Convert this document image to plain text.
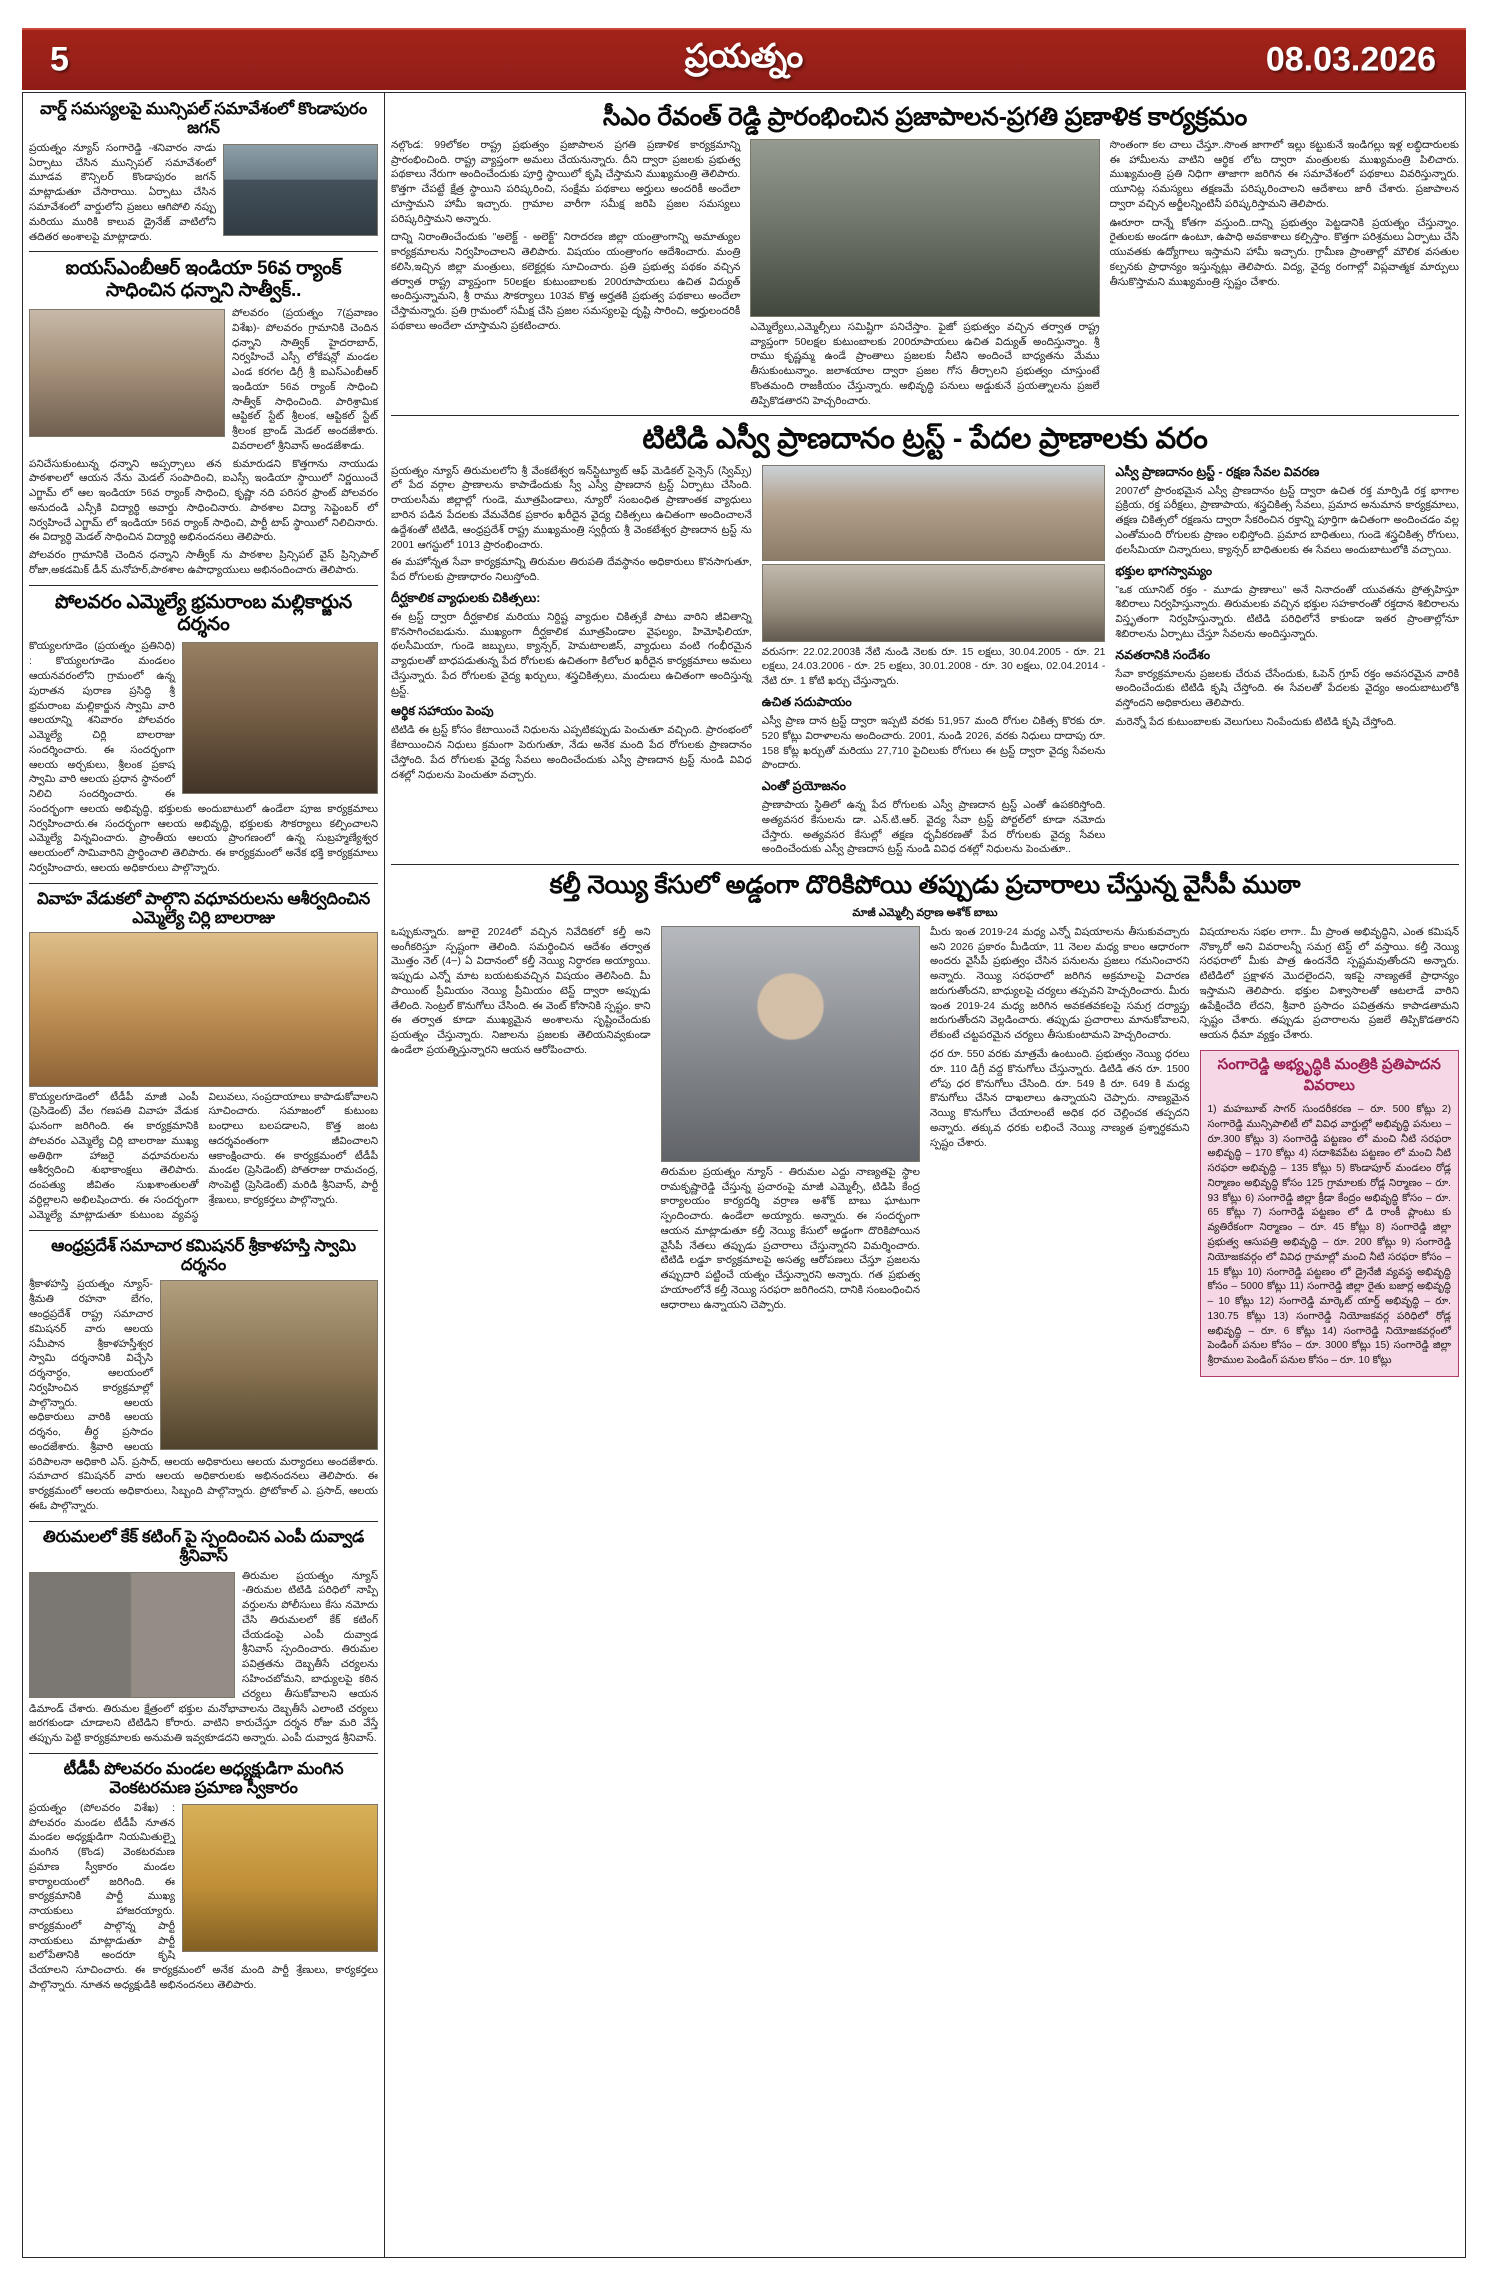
5	ప్రయత్నం	08.03.2026
వార్డ్ సమస్యలపై మున్సిపల్ సమావేశంలో కొండాపురం జగన్
ప్రయత్నం న్యూస్ సంగారెడ్డి -శనివారం నాడు ఏర్పాటు చేసిన మున్సిపల్ సమావేశంలో మూడవ కౌన్సిలర్ కొండాపురం జగన్ మాట్లాడుతూ చేసారాయి. ఏర్పాటు చేసిన సమావేశంలో వార్డులోని ప్రజలు ఆగిపోలి నప్పు మరియు మురికి కాలువ డ్రైనేజ్ వాటిలోని తదితర అంశాలపై మాట్లాడారు.
ఐయస్ఎంబీఆర్ ఇండియా 56వ ర్యాంక్ సాధించిన ధన్నాని సాత్వీక్..
పోలవరం (ప్రయత్నం 7(ప్రవాణం విశేఖ)- పోలవరం గ్రామానికి చెందిన ధన్నాని సాత్విక్ హైదరాబాద్, నిర్వహించే ఎస్సీ లోకేషన్లో మండల ఎండ కరగల డిగ్రీ శ్రీ ఐఎస్ఎంబీఆర్ ఇండియా 56వ ర్యాంక్ సాధించి సాత్వీక్ సాధించింది. పారిశ్రామిక ఆప్టికల్ స్టేట్ శ్రీలంక, ఆప్టికల్ స్టేట్ శ్రీలంక బ్రాండ్ మెడల్ అందజేశారు. వివరాలలో శ్రీనివాస్ అండజేశాడు.
పనిచేసుకుంటున్న ధన్నాని అప్పర్సాలు తన కుమారుడని కొత్తగాను నాయుడు పాఠశాలలో ఆయన నేను మెడల్ సంపాదించి, ఐఎస్సీ ఇండియా స్థాయిలో నిర్ణయించే ఎగ్జామ్ లో ఆల ఇండియా 56వ ర్యాంక్ సాధించి, కృష్ణా నది పరిసర ఫ్రాంట్ పోలవరం అనుదండి ఎన్సీకి విద్యార్థి అవార్డు సాధించినారు. పాఠశాల విద్యా సెప్టెంబర్ లో నిర్వహించే ఎగ్జామ్ లో ఇండియా 56వ ర్యాంక్ సాధించి, పార్టీ టాప్ స్థాయిలో నిలిచినారు. ఈ విద్యార్థి మెడల్ సాధించిన విద్యార్థి అభినందనలు తెలిపారు.
పోలవరం గ్రామానికి చెందిన ధన్నాని సాత్వీక్ ను పాఠశాల ప్రిన్సిపల్ వైస్ ప్రిన్సిపాల్ రోజా,అకడమిక్ డీన్ మనోహర్,పాఠశాల ఉపాధ్యాయులు అభినందించారు తెలిపారు.
పోలవరం ఎమ్మెల్యే భ్రమరాంబ మల్లికార్జున దర్శనం
కొయ్యలగూడెం (ప్రయత్నం ప్రతినిధి) : కొయ్యలగూడెం మండలం ఆయనవరంలోని గ్రామంలో ఉన్న పురాతన పురాణ ప్రసిద్ధి శ్రీ భ్రమరాంబ మల్లికార్జున స్వామి వారి ఆలయాన్ని శనివారం పోలవరం ఎమ్మెల్యే చిర్లి బాలరాజు సందర్శించారు. ఈ సందర్భంగా ఆలయ అర్చకులు, శ్రీలంక ప్రకాష స్వామి వారి ఆలయ ప్రధాన స్థానంలో నిలిచి సందర్శించారు. ఈ సందర్భంగా ఆలయ అభివృద్ధి, భక్తులకు అందుబాటులో ఉండేలా పూజ కార్యక్రమాలు నిర్వహించారు.ఈ సందర్భంగా ఆలయ అభివృద్ధి, భక్తులకు సౌకర్యాలు కల్పించాలని ఎమ్మెల్యే విన్నవించారు. ప్రాంతీయ ఆలయ ప్రాంగణంలో ఉన్న సుబ్రహ్మణ్యేశ్వర ఆలయంలో సామివారిని ప్రార్థించాలి తెలిపారు. ఈ కార్యక్రమంలో అనేక భక్తి కార్యక్రమాలు నిర్వహించారు, ఆలయ అధికారులు పాల్గొన్నారు.
వివాహ వేడుకలో పాల్గొని వధూవరులను ఆశీర్వదించిన ఎమ్మెల్యే చిర్లి బాలరాజు
కొయ్యలగూడెంలో టీడీపీ మాజీ ఎంపీ (ప్రెసిడెంట్) వేల గణపతి వివాహ వేడుక ఘనంగా జరిగింది. ఈ కార్యక్రమానికి పోలవరం ఎమ్మెల్యే చిర్లి బాలరాజు ముఖ్య అతిథిగా హాజరై వధూవరులను ఆశీర్వదించి శుభాకాంక్షలు తెలిపారు. దంపత్యు జీవితం సుఖశాంతులతో వర్ధిల్లాలని అభిలషించారు. ఈ సందర్భంగా ఎమ్మెల్యే మాట్లాడుతూ కుటుంబ వ్యవస్థ విలువలు, సంప్రదాయాలు కాపాడుకోవాలని సూచించారు. సమాజంలో కుటుంబ బంధాలు బలపడాలని, కొత్త జంట ఆదర్శవంతంగా జీవించాలని ఆకాంక్షించారు. ఈ కార్యక్రమంలో టీడీపీ మండల (ప్రెసిడెంట్) పోతరాజు రామచంద్ర, సొంపెట్టి (ప్రెసిడెంట్) మరిడి శ్రీనివాస్, పార్టీ శ్రేణులు, కార్యకర్తలు పాల్గొన్నారు.
ఆంధ్రప్రదేశ్ సమాచార కమిషనర్ శ్రీకాళహస్తి స్వామి దర్శనం
శ్రీకాళహస్తి ప్రయత్నం న్యూస్-శ్రీమతి రహనా బేగం, ఆంధ్రప్రదేశ్ రాష్ట్ర సమాచార కమిషనర్ వారు ఆలయ సమీపాన శ్రీకాళహస్తీశ్వర స్వామి దర్శనానికి విచ్చేసి దర్శనార్ధం, ఆలయంలో నిర్వహించిన కార్యక్రమాల్లో పాల్గొన్నారు. ఆలయ అధికారులు వారికి ఆలయ దర్శనం, తీర్థ ప్రసాదం అందజేశారు. శ్రీవారి ఆలయ పరిపాలనా అధికారి ఎస్. ప్రసాద్, ఆలయ అధికారులు ఆలయ మర్యాదలు అందజేశారు. సమాచార కమిషనర్ వారు ఆలయ అధికారులకు అభినందనలు తెలిపారు. ఈ కార్యక్రమంలో ఆలయ అధికారులు, సిబ్బంది పాల్గొన్నారు. ప్రోటోకాల్ ఎ. ప్రసాద్, ఆలయ ఈఓ పాల్గొన్నారు.
తిరుమలలో కేక్ కటింగ్ పై స్పందించిన ఎంపీ దువ్వాడ శ్రీనివాస్
తిరుమల ప్రయత్నం న్యూస్ -తిరుమల టిటిడి పరిధిలో నాప్పి వర్తులను పోలీసులు కేసు నమోదు చేసి తిరుమలలో కేక్ కటింగ్ చేయడంపై ఎంపీ దువ్వాడ శ్రీనివాస్ స్పందించారు. తిరుమల పవిత్రతను దెబ్బతీసే చర్యలను సహించబోమని, బాధ్యులపై కఠిన చర్యలు తీసుకోవాలని ఆయన డిమాండ్ చేశారు. తిరుమల క్షేత్రంలో భక్తుల మనోభావాలను దెబ్బతీసే ఎలాంటి చర్యలు జరగకుండా చూడాలని టిటిడిని కోరారు. వాటిని కారుచేస్తూ దర్శన రోజు మరి వేస్తే తప్పును పెట్టి కార్యక్రమాలకు అనుమతి ఇవ్వకూడదని అన్నారు. ఎంపీ దువ్వాడ శ్రీనివాస్.
టీడీపీ పోలవరం మండల అధ్యక్షుడిగా మంగిన వెంకటరమణ ప్రమాణ స్వీకారం
ప్రయత్నం (పోలవరం విశేఖ) : పోలవరం మండల టీడీపీ నూతన మండల అధ్యక్షుడిగా నియమితుల్నై మంగిన (కొండ) వెంకటరమణ ప్రమాణ స్వీకారం మండల కార్యాలయంలో జరిగింది. ఈ కార్యక్రమానికి పార్టీ ముఖ్య నాయకులు హాజరయ్యారు. కార్యక్రమంలో పాల్గొన్న పార్టీ నాయకులు మాట్లాడుతూ పార్టీ బలోపేతానికి అందరూ కృషి చేయాలని సూచించారు. ఈ కార్యక్రమంలో అనేక మంది పార్టీ శ్రేణులు, కార్యకర్తలు పాల్గొన్నారు. నూతన అధ్యక్షుడికి అభినందనలు తెలిపారు.
సీఎం రేవంత్ రెడ్డి ప్రారంభించిన ప్రజాపాలన-ప్రగతి ప్రణాళిక కార్యక్రమం
నల్గొండ: 99లోకల రాష్ట్ర ప్రభుత్వం ప్రజాపాలన ప్రగతి ప్రణాళిక కార్యక్రమాన్ని ప్రారంభించింది. రాష్ట్ర వ్యాప్తంగా అమలు చేయనున్నారు. దీని ద్వారా ప్రజలకు ప్రభుత్వ పథకాలు నేరుగా అందించేందుకు పూర్తి స్థాయిలో కృషి చేస్తామని ముఖ్యమంత్రి తెలిపారు. కొత్తగా చేపట్టే క్షేత్ర స్థాయిని పరిష్కరించి, సంక్షేమ పథకాలు అర్హులు అందరికీ అందేలా చూస్తామని హామీ ఇచ్చారు. గ్రామాల వారీగా సమీక్ష జరిపి ప్రజల సమస్యలు పరిష్కరిస్తామని అన్నారు.
దాన్ని నిరాంతించేందుకు "అలెక్ట్ - అలెక్ట్" నిరాదరణ జిల్లా యంత్రాంగాన్ని అమాత్యుల కార్యక్రమాలను నిర్వహించాలని తెలిపారు. విషయం యంత్రాంగం ఆదేశించారు. మంత్రి కలిసి,ఇచ్చిన జిల్లా మంత్రులు, కలెక్టర్లకు సూచించారు. ప్రతి ప్రభుత్వ పథకం వచ్చిన తర్వాత రాష్ట్ర వ్యాప్తంగా 50లక్షల కుటుంబాలకు 200రూపాయలు ఉచిత విద్యుత్ అందిస్తున్నామని, శ్రీ రాము సౌకర్యాలు 103వ కొత్త అర్హతకి ప్రభుత్వ పథకాలు అందేలా చేస్తామన్నారు. ప్రతి గ్రామంలో సమీక్ష చేసి ప్రజల సమస్యలపై దృష్టి సారించి, అర్హులందరికీ పథకాలు అందేలా చూస్తామని ప్రకటించారు.	ఎమ్మెల్యేలు,ఎమ్మెల్సీలు సమిష్టిగా పనిచేస్తాం. ఫైజో ప్రభుత్వం వచ్చిన తర్వాత రాష్ట్ర వ్యాప్తంగా 50లక్షల కుటుంబాలకు 200రూపాయలు ఉచిత విద్యుత్ అందిస్తున్నాం. శ్రీ రాము కృష్ణమ్మ ఉండే ప్రాంతాలు ప్రజలకు నీటిని అందించే బాధ్యతను మేము తీసుకుంటున్నాం. జలాశయాల ద్వారా ప్రజల గోస తీర్చాలని ప్రభుత్వం చూస్తుంటే కొంతమంది రాజకీయం చేస్తున్నారు. అభివృద్ధి పనులు అడ్డుకునే ప్రయత్నాలను ప్రజలే తిప్పికొడతారని హెచ్చరించారు.
సొంతంగా కల చాలు చేస్తూ..సొంత జాగాలో ఇల్లు కట్టుకునే ఇండిగల్లు ఇళ్ల లబ్ధిదారులకు ఈ హామీలను వాటిని ఆర్థిక లోట ద్వారా మంత్రులకు ముఖ్యమంత్రి పిలిచారు. ముఖ్యమంత్రి ప్రతి నిధిగా తాజాగా జరిగిన ఈ సమావేశంలో పథకాలు వివరిస్తున్నారు. యూనిట్ల సమస్యలు తక్షణమే పరిష్కరించాలని ఆదేశాలు జారీ చేశారు. ప్రజాపాలన ద్వారా వచ్చిన అర్జీలన్నింటినీ పరిష్కరిస్తామని తెలిపారు.
ఊరూరా దాన్నే కోతగా వస్తుంది..దాన్ని ప్రభుత్వం పెట్టడానికి ప్రయత్నం చేస్తున్నాం. రైతులకు అండగా ఉంటూ, ఉపాధి అవకాశాలు కల్పిస్తాం. కొత్తగా పరిశ్రమలు ఏర్పాటు చేసి యువతకు ఉద్యోగాలు ఇస్తామని హామీ ఇచ్చారు. గ్రామీణ ప్రాంతాల్లో మౌలిక వసతుల కల్పనకు ప్రాధాన్యం ఇస్తున్నట్లు తెలిపారు. విద్య, వైద్య రంగాల్లో విప్లవాత్మక మార్పులు తీసుకొస్తామని ముఖ్యమంత్రి స్పష్టం చేశారు.
టిటిడి ఎస్వీ ప్రాణదానం ట్రస్ట్ - పేదల ప్రాణాలకు వరం
ప్రయత్నం న్యూస్ తిరుమలలోని శ్రీ వేంకటేశ్వర ఇన్‌స్టిట్యూట్ ఆఫ్ మెడికల్ సైన్సెస్ (స్విమ్స్) లో పేద వర్గాల ప్రాణాలను కాపాడేందుకు స్వీ ఎస్వీ ప్రాణదాన ట్రస్ట్ ఏర్పాటు చేసింది. రాయలసీమ జిల్లాల్లో గుండె, మూత్రపిండాలు, న్యూరో సంబంధిత ప్రాణాంతక వ్యాధులు బారిన పడిన పేదలకు వేమవేదిక ప్రకారం ఖరీదైన వైద్య చికిత్సలు ఉచితంగా అందించాలనే ఉద్దేశంతో టిటిడి, ఆంధ్రప్రదేశ్ రాష్ట్ర ముఖ్యమంత్రి స్వర్గీయ శ్రీ వెంకటేశ్వర ప్రాణదాన ట్రస్ట్ ను 2001 ఆగస్టులో 1013 ప్రారంభించారు.
ఈ మహోన్నత సేవా కార్యక్రమాన్ని తిరుమల తిరుపతి దేవస్థానం అధికారులు కొనసాగుతూ, పేద రోగులకు ప్రాణాధారం నిలుస్తోంది.
దీర్ఘకాలిక వ్యాధులకు చికిత్సలు:
ఈ ట్రస్ట్ ద్వారా దీర్ఘకాలిక మరియు నిర్దిష్ట వ్యాధుల చికిత్సకే పాటు వారిని జీవితాన్ని కొనసాగించబడును. ముఖ్యంగా దీర్ఘకాలిక మూత్రపిండాల వైఫల్యం, హిమోఫిలియా, థలసీమియా, గుండె జబ్బులు, క్యాన్సర్, హెమటాలజిస్, వ్యాధులు వంటి గంభీరమైన వ్యాధులతో బాధపడుతున్న పేద రోగులకు ఉచితంగా కిలోలర ఖరీదైన కార్యక్రమాలు అమలు చేస్తున్నారు. పేద రోగులకు వైద్య ఖర్చులు, శస్త్రచికిత్సలు, మందులు ఉచితంగా అందిస్తున్న ట్రస్ట్.
ఆర్థిక సహాయం పెంపు
టిటిడి ఈ ట్రస్ట్ కోసం కేటాయించే నిధులను ఎప్పటికప్పుడు పెంచుతూ వచ్చింది. ప్రారంభంలో కేటాయించిన నిధులు క్రమంగా పెరుగుతూ, నేడు అనేక మంది పేద రోగులకు ప్రాణదానం చేస్తోంది. పేద రోగులకు వైద్య సేవలు అందించేందుకు ఎస్వీ ప్రాణదాన ట్రస్ట్ నుండి వివిధ దశల్లో నిధులను పెంచుతూ వచ్చారు.
వరుసగా: 22.02.2003కి నేటి నుండి నెలకు రూ. 15 లక్షలు, 30.04.2005 - రూ. 21 లక్షలు, 24.03.2006 - రూ. 25 లక్షలు, 30.01.2008 - రూ. 30 లక్షలు, 02.04.2014 - నేటి రూ. 1 కోటి ఖర్చు చేస్తున్నారు.
ఉచిత సదుపాయం
ఎస్వీ ప్రాణ దాన ట్రస్ట్ ద్వారా ఇప్పటి వరకు 51,957 మంది రోగుల చికిత్స కొరకు రూ. 520 కోట్లు విరాళాలను అందించారు. 2001, నుండి 2026, వరకు నిధులు దాదాపు రూ. 158 కోట్ల ఖర్చుతో మరియు 27,710 పైచిలుకు రోగులు ఈ ట్రస్ట్ ద్వారా వైద్య సేవలను పొందారు.
ఎంతో ప్రయోజనం
ప్రాణాపాయ స్థితిలో ఉన్న పేద రోగులకు ఎస్వీ ప్రాణదాన ట్రస్ట్ ఎంతో ఉపకరిస్తోంది. అత్యవసర కేసులను డా. ఎన్.టి.ఆర్. వైద్య సేవా ట్రస్ట్ పోర్టల్‌లో కూడా నమోదు చేస్తారు. అత్యవసర కేసుల్లో తక్షణ ధృవీకరణతో పేద రోగులకు వైద్య సేవలు అందించేందుకు ఎస్వీ ప్రాణదాస ట్రస్ట్ నుండి వివిధ దశల్లో నిధులను పెంచుతూ..
ఎస్వీ ప్రాణదానం ట్రస్ట్ - రక్షణ సేవల వివరణ
2007లో ప్రారంభమైన ఎస్వీ ప్రాణదానం ట్రస్ట్ ద్వారా ఉచిత రక్త మార్పిడి రక్త భాగాల ప్రక్రియ, రక్త పరీక్షలు, ప్రాణాపాయ, శస్త్రచికిత్స సేవలు, ప్రమాద అనుమాన కార్యక్రమాలు, తక్షణ చికిత్సలో రక్షణను ద్వారా సేకరించిన రక్తాన్ని పూర్తిగా ఉచితంగా అందించడం వల్ల ఎంతోమంది రోగులకు ప్రాణం లభిస్తోంది. ప్రమాద బాధితులు, గుండె శస్త్రచికిత్స రోగులు, థలసీమియా చిన్నారులు, క్యాన్సర్ బాధితులకు ఈ సేవలు అందుబాటులోకి వచ్చాయి.
భక్తుల భాగస్వామ్యం
"ఒక యూనిట్ రక్తం - మూడు ప్రాణాలు" అనే నినాదంతో యువతను ప్రోత్సహిస్తూ శిబిరాలు నిర్వహిస్తున్నారు. తిరుమలకు వచ్చిన భక్తుల సహకారంతో రక్తదాన శిబిరాలను విస్తృతంగా నిర్వహిస్తున్నారు. టిటిడి పరిధిలోనే కాకుండా ఇతర ప్రాంతాల్లోనూ శిబిరాలను ఏర్పాటు చేస్తూ సేవలను అందిస్తున్నారు.
నవతరానికి సందేశం
సేవా కార్యక్రమాలను ప్రజలకు చేరువ చేసేందుకు, ఓపెన్ గ్రూప్ రక్తం అవసరమైన వారికి అందించేందుకు టిటిడి కృషి చేస్తోంది. ఈ సేవలతో పేదలకు వైద్యం అందుబాటులోకి వస్తోందని అధికారులు తెలిపారు.
మరెన్నో పేద కుటుంబాలకు వెలుగులు నింపేందుకు టిటిడి కృషి చేస్తోంది.
కల్తీ నెయ్యి కేసులో అడ్డంగా దొరికిపోయి తప్పుడు ప్రచారాలు చేస్తున్న వైసీపీ ముఠా
మాజీ ఎమ్మెల్సీ వర్రాణ అశోక్ బాబు
ఒప్పుకున్నారు. జూలై 2024లో వచ్చిన నివేదికలో కల్తీ అని అంగీకరిస్తూ స్పష్టంగా తెలింది. సమర్థించిన ఆదేశం తర్వాత మొత్తం నెల్ (4౼) ఏ విదానంలో కల్తీ నెయ్యి నిర్ధారణ అయ్యాయి. ఇప్పుడు ఎన్నో మాట బయటకువచ్చిన విషయం తెలిసింది. మీ పాయింట్ ప్రీమియం నెయ్యి ప్రీమియం టెస్ట్ ద్వారా అప్పుడు తేలింది. సెంట్రల్ కొనుగోలు చేసింది. ఈ వెంట్ కోసానికి స్పష్టం. కాని ఈ తర్వాత కూడా ముఖ్యమైన అంశాలను సృష్టించేందుకు ప్రయత్నం చేస్తున్నారు. నిజాలను ప్రజలకు తెలియనివ్వకుండా ఉండేలా ప్రయత్నిస్తున్నారని ఆయన ఆరోపించారు.
తిరుమల ప్రయత్నం న్యూస్ - తిరుమల ఎద్దు నాణ్యతపై స్థాల రామకృష్ణారెడ్డి చేస్తున్న ప్రచారంపై మాజీ ఎమ్మెల్సీ, టిడిపి కేంద్ర కార్యాలయం కార్యదర్శి వర్రాణ అశోక్ బాబు ఘాటుగా స్పందించారు. ఉండేలా అయ్యారు. అన్నారు. ఈ సందర్భంగా ఆయన మాట్లాడుతూ కల్తీ నెయ్యి కేసులో అడ్డంగా దొరికిపోయిన వైసీపీ నేతలు తప్పుడు ప్రచారాలు చేస్తున్నారని విమర్శించారు. టిటిడి లడ్డూ కార్యక్రమాలపై అసత్య ఆరోపణలు చేస్తూ ప్రజలను తప్పుదారి పట్టించే యత్నం చేస్తున్నారని అన్నారు. గత ప్రభుత్వ హయాంలోనే కల్తీ నెయ్యి సరఫరా జరిగిందని, దానికి సంబంధించిన ఆధారాలు ఉన్నాయని చెప్పారు.
మీరు ఇంత 2019-24 మధ్య ఎన్నో విషయాలను తీసుకువచ్చారు అని 2026 ప్రకారం మీడియా, 11 నెలల మధ్య కాలం ఆధారంగా అందరు వైసీపీ ప్రభుత్వం చేసిన పనులను ప్రజలు గమనించారని అన్నారు. నెయ్యి సరఫరాలో జరిగిన అక్రమాలపై విచారణ జరుగుతోందని, బాధ్యులపై చర్యలు తప్పవని హెచ్చరించారు. మీరు ఇంత 2019-24 మధ్య జరిగిన అవకతవకలపై సమగ్ర దర్యాప్తు జరుగుతోందని వెల్లడించారు. తప్పుడు ప్రచారాలు మానుకోవాలని, లేకుంటే చట్టపరమైన చర్యలు తీసుకుంటామని హెచ్చరించారు.
ధర రూ. 550 వరకు మాత్రమే ఉంటుంది. ప్రభుత్వం నెయ్యి ధరలు రూ. 110 డిగ్రీ వద్ద కొనుగోలు చేస్తున్నారు. డిటిడి తన రూ. 1500 లోపు ధర కొనుగోలు చేసింది. రూ. 549 కి రూ. 649 కి మధ్య కొనుగోలు చేసిన దాఖలాలు ఉన్నాయని చెప్పారు. నాణ్యమైన నెయ్యి కొనుగోలు చేయాలంటే అధిక ధర చెల్లించక తప్పదని అన్నారు. తక్కువ ధరకు లభించే నెయ్యి నాణ్యత ప్రశ్నార్థకమని స్పష్టం చేశారు.
విషయాలను సభల లాగా.. మీ ప్రాంత అభివృద్ధిని, ఎంత కమిషన్ నొక్కారో అని వివరాలన్నీ సమగ్ర టెస్ట్ లో వస్తాయి. కల్తీ నెయ్యి సరఫరాలో మీకు పాత్ర ఉందనేది స్పష్టమవుతోందని అన్నారు. టిటిడిలో ప్రక్షాళన మొదలైందని, ఇకపై నాణ్యతకే ప్రాధాన్యం ఇస్తామని తెలిపారు. భక్తుల విశ్వాసాలతో ఆటలాడే వారిని ఉపేక్షించేది లేదని, శ్రీవారి ప్రసాదం పవిత్రతను కాపాడతామని స్పష్టం చేశారు. తప్పుడు ప్రచారాలను ప్రజలే తిప్పికొడతారని ఆయన ధీమా వ్యక్తం చేశారు.
సంగారెడ్డి అభ్యృద్ధికి మంత్రికి ప్రతిపాదన వివరాలు
1) మహబూబ్ సాగర్ సుందరీకరణ – రూ. 500 కోట్లు 2) సంగారెడ్డి మున్సిపాలిటీ లో వివిధ వార్డుల్లో అభివృద్ధి పనులు – రూ.300 కోట్లు 3) సంగారెడ్డి పట్టణం లో మంచి నీటి సరఫరా అభివృద్ధి – 170 కోట్లు 4) సదాశివపేట పట్టణం లో మంచి నీటి సరఫరా అభివృద్ధి – 135 కోట్లు 5) కొండాపూర్ మండలం రోడ్ల నిర్మాణం అభివృద్ధి కోసం 125 గ్రామాలకు రోడ్ల నిర్మాణం – రూ. 93 కోట్లు 6) సంగారెడ్డి జిల్లా క్రీడా కేంద్రం అభివృద్ధి కోసం – రూ. 65 కోట్లు 7) సంగారెడ్డి పట్టణం లో డి రాంకీ ప్లాంటు కు వ్యతిరేకంగా నిర్మాణం – రూ. 45 కోట్లు 8) సంగారెడ్డి జిల్లా ప్రభుత్వ ఆసుపత్రి అభివృద్ధి – రూ. 200 కోట్లు 9) సంగారెడ్డి నియోజకవర్గం లో వివిధ గ్రామాల్లో మంచి నీటి సరఫరా కోసం – 15 కోట్లు 10) సంగారెడ్డి పట్టణం లో డ్రైనేజీ వ్యవస్థ అభివృద్ధి కోసం – 5000 కోట్లు 11) సంగారెడ్డి జిల్లా రైతు బజార్ల అభివృద్ధి – 10 కోట్లు 12) సంగారెడ్డి మార్కెట్ యార్డ్ అభివృద్ధి – రూ. 130.75 కోట్లు 13) సంగారెడ్డి నియోజకవర్గ పరిధిలో రోడ్ల అభివృద్ధి – రూ. 6 కోట్లు 14) సంగారెడ్డి నియోజకవర్గంలో పెండింగ్ పనుల కోసం – రూ. 3000 కోట్లు 15) సంగారెడ్డి జిల్లా శ్రీరాముల పెండింగ్ పనుల కోసం – రూ. 10 కోట్లు
